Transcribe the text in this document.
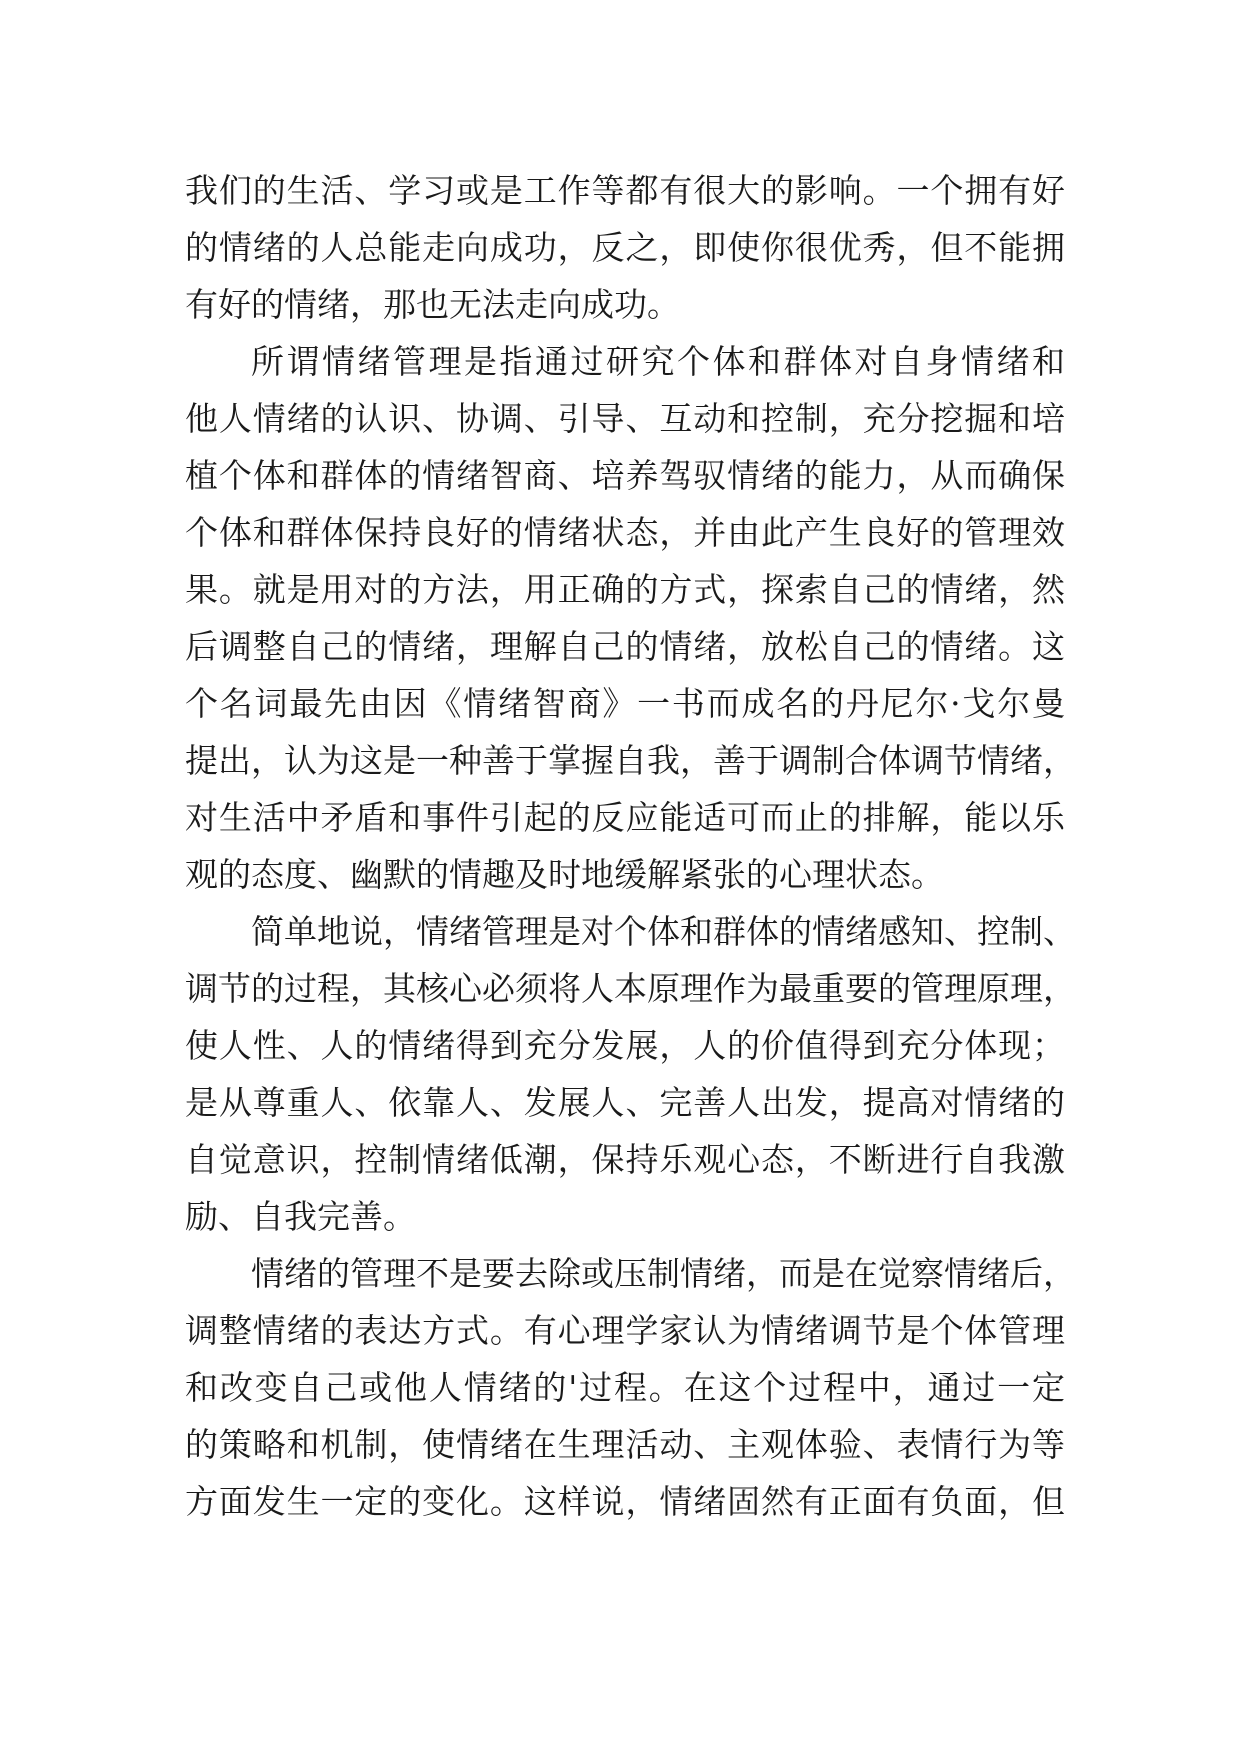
我们的生活、学习或是工作等都有很大的影响。一个拥有好
的情绪的人总能走向成功，反之，即使你很优秀，但不能拥
有好的情绪，那也无法走向成功。
所谓情绪管理是指通过研究个体和群体对自身情绪和
他人情绪的认识、协调、引导、互动和控制，充分挖掘和培
植个体和群体的情绪智商、培养驾驭情绪的能力，从而确保
个体和群体保持良好的情绪状态，并由此产生良好的管理效
果。就是用对的方法，用正确的方式，探索自己的情绪，然
后调整自己的情绪，理解自己的情绪，放松自己的情绪。这
个名词最先由因《情绪智商》一书而成名的丹尼尔·戈尔曼
提出，认为这是一种善于掌握自我，善于调制合体调节情绪，
对生活中矛盾和事件引起的反应能适可而止的排解，能以乐
观的态度、幽默的情趣及时地缓解紧张的心理状态。
简单地说，情绪管理是对个体和群体的情绪感知、控制、
调节的过程，其核心必须将人本原理作为最重要的管理原理，
使人性、人的情绪得到充分发展，人的价值得到充分体现；
是从尊重人、依靠人、发展人、完善人出发，提高对情绪的
自觉意识，控制情绪低潮，保持乐观心态，不断进行自我激
励、自我完善。
情绪的管理不是要去除或压制情绪，而是在觉察情绪后，
调整情绪的表达方式。有心理学家认为情绪调节是个体管理
和改变自己或他人情绪的'过程。在这个过程中，通过一定
的策略和机制，使情绪在生理活动、主观体验、表情行为等
方面发生一定的变化。这样说，情绪固然有正面有负面，但
